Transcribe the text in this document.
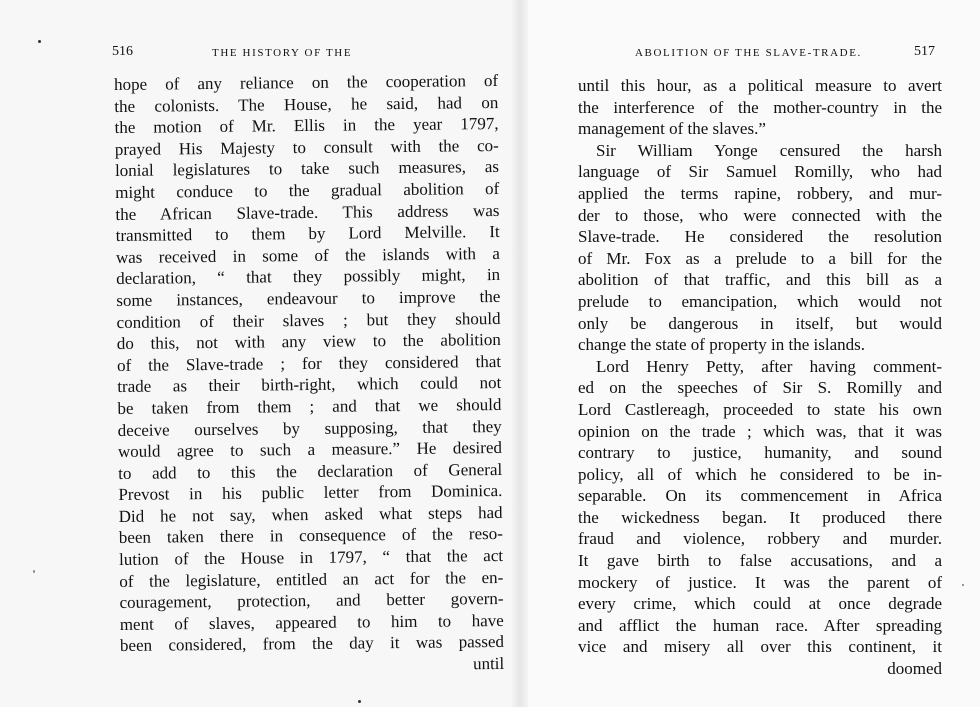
516	THE HISTORY OF THE	ABOLITION OF THE SLAVE-TRADE.	517
hope of any reliance on the cooperation of
the colonists. The House, he said, had on
the motion of Mr. Ellis in the year 1797,
prayed His Majesty to consult with the co-
lonial legislatures to take such measures, as
might conduce to the gradual abolition of
the African Slave-trade. This address was
transmitted to them by Lord Melville. It
was received in some of the islands with a
declaration, “ that they possibly might, in
some instances, endeavour to improve the
condition of their slaves ; but they should
do this, not with any view to the abolition
of the Slave-trade ; for they considered that
trade as their birth-right, which could not
be taken from them ; and that we should
deceive ourselves by supposing, that they
would agree to such a measure.” He desired
to add to this the declaration of General
Prevost in his public letter from Dominica.
Did he not say, when asked what steps had
been taken there in consequence of the reso-
lution of the House in 1797, “ that the act
of the legislature, entitled an act for the en-
couragement, protection, and better govern-
ment of slaves, appeared to him to have
been considered, from the day it was passed
until
until this hour, as a political measure to avert
the interference of the mother-country in the
management of the slaves.”
Sir William Yonge censured the harsh
language of Sir Samuel Romilly, who had
applied the terms rapine, robbery, and mur-
der to those, who were connected with the
Slave-trade. He considered the resolution
of Mr. Fox as a prelude to a bill for the
abolition of that traffic, and this bill as a
prelude to emancipation, which would not
only be dangerous in itself, but would
change the state of property in the islands.
Lord Henry Petty, after having comment-
ed on the speeches of Sir S. Romilly and
Lord Castlereagh, proceeded to state his own
opinion on the trade ; which was, that it was
contrary to justice, humanity, and sound
policy, all of which he considered to be in-
separable. On its commencement in Africa
the wickedness began. It produced there
fraud and violence, robbery and murder.
It gave birth to false accusations, and a
mockery of justice. It was the parent of
every crime, which could at once degrade
and afflict the human race. After spreading
vice and misery all over this continent, it
doomed
